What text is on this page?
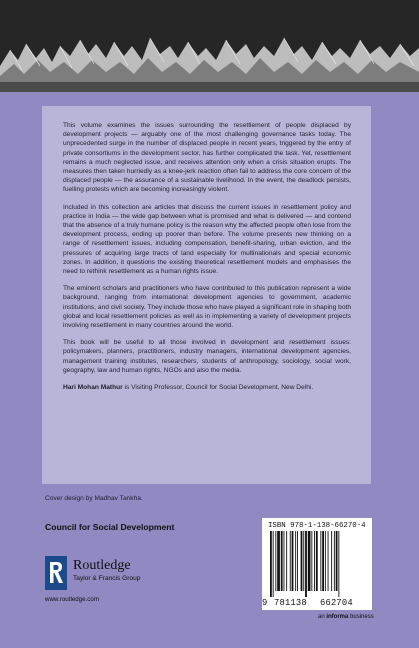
This volume examines the issues surrounding the resettlement of people displaced by development projects — arguably one of the most challenging governance tasks today. The unprecedented surge in the number of displaced people in recent years, triggered by the entry of private consortiums in the development sector, has further complicated the task. Yet, resettlement remains a much neglected issue, and receives attention only when a crisis situation erupts. The measures then taken hurriedly as a knee-jerk reaction often fail to address the core concern of the displaced people — the assurance of a sustainable livelihood. In the event, the deadlock persists, fuelling protests which are becoming increasingly violent.

Included in this collection are articles that discuss the current issues in resettlement policy and practice in India — the wide gap between what is promised and what is delivered — and contend that the absence of a truly humane policy is the reason why the affected people often lose from the development process, ending up poorer than before. The volume presents new thinking on a range of resettlement issues, including compensation, benefit-sharing, urban eviction, and the pressures of acquiring large tracts of land especially for multinationals and special economic zones. In addition, it questions the existing theoretical resettlement models and emphasises the need to rethink resettlement as a human rights issue.

The eminent scholars and practitioners who have contributed to this publication represent a wide background, ranging from international development agencies to government, academic institutions, and civil society. They include those who have played a significant role in shaping both global and local resettlement policies as well as in implementing a variety of development projects involving resettlement in many countries around the world.

This book will be useful to all those involved in development and resettlement issues: policymakers, planners, practitioners, industry managers, international development agencies, management training institutes, researchers, students of anthropology, sociology, social work, geography, law and human rights, NGOs and also the media.

Hari Mohan Mathur is Visiting Professor, Council for Social Development, New Delhi.

Cover design by Madhav Tankha.
Council for Social Development
Routledge
Taylor & Francis Group
www.routledge.com
ISBN 978-1-138-66270-4
9 781138 662704
an informa business
